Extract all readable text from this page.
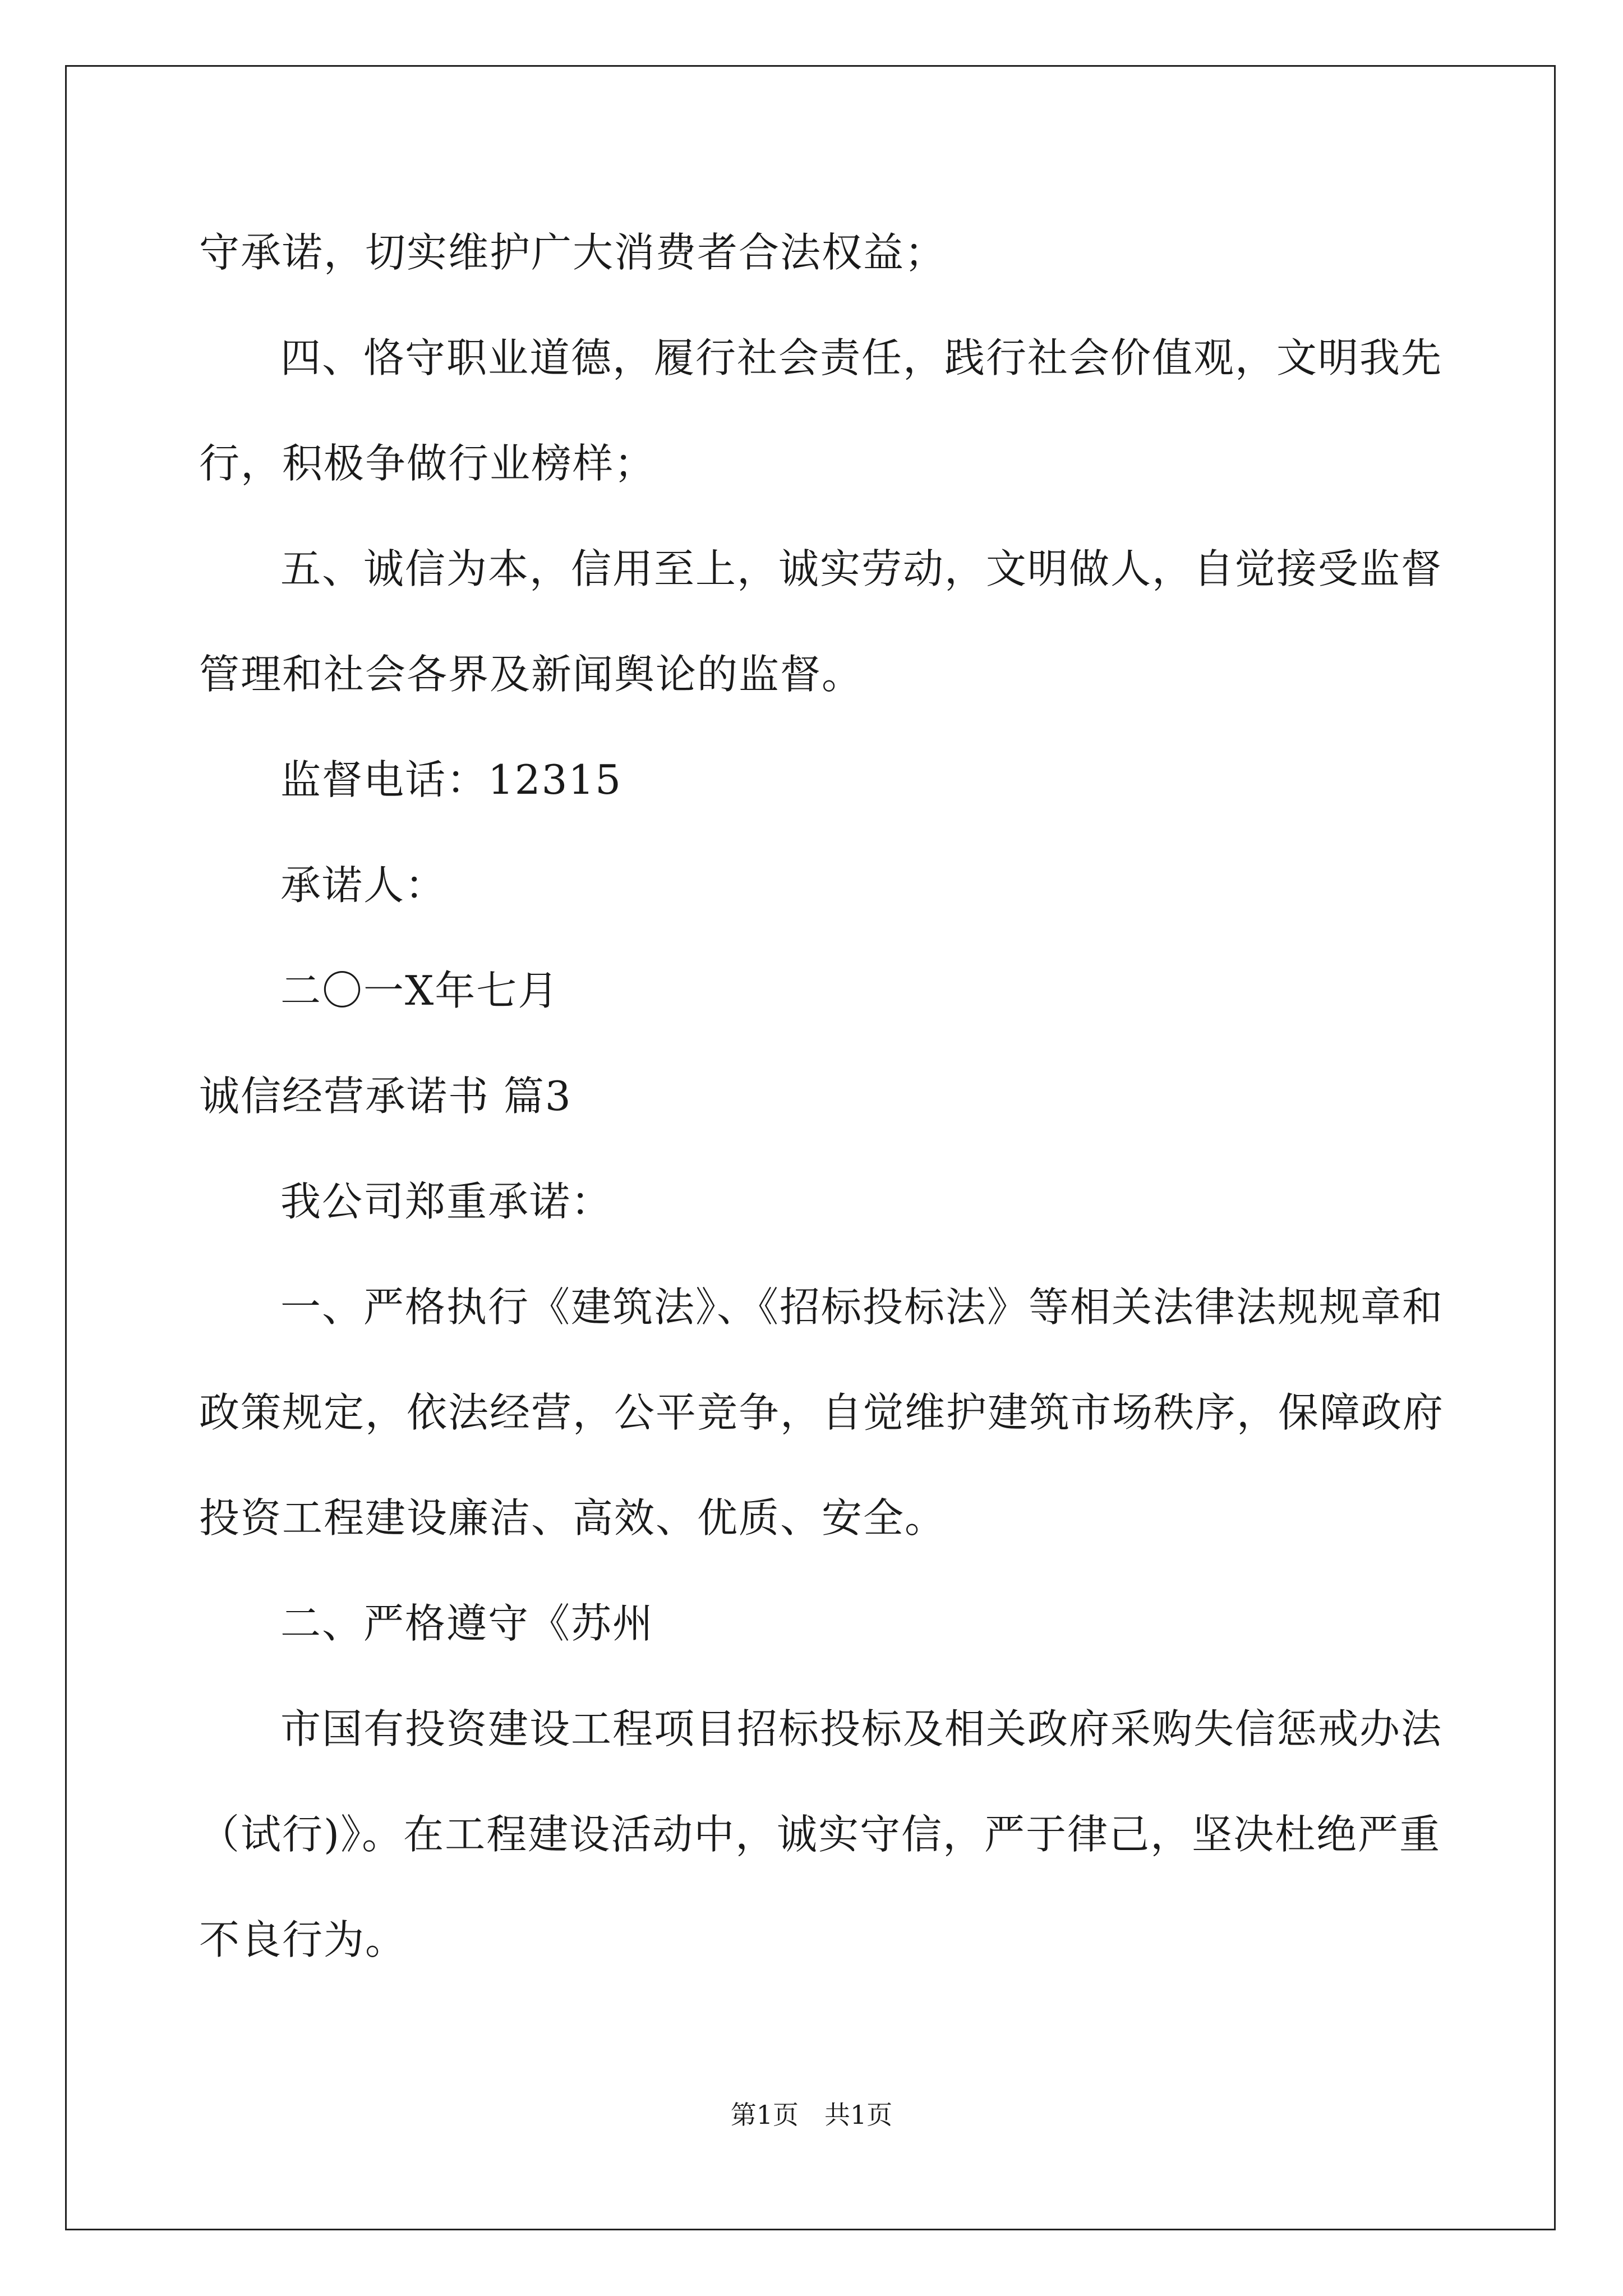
守承诺，切实维护广大消费者合法权益；
四、恪守职业道德，履行社会责任，践行社会价值观，文明我先
行，积极争做行业榜样；
五、诚信为本，信用至上，诚实劳动，文明做人，自觉接受监督
管理和社会各界及新闻舆论的监督。
监督电话：12315
承诺人：
二〇一X年七月
诚信经营承诺书 篇3
我公司郑重承诺：
一、严格执行《建筑法》、《招标投标法》等相关法律法规规章和
政策规定，依法经营，公平竞争，自觉维护建筑市场秩序，保障政府
投资工程建设廉洁、高效、优质、安全。
二、严格遵守《苏州
市国有投资建设工程项目招标投标及相关政府采购失信惩戒办法
（试行)》。在工程建设活动中，诚实守信，严于律己，坚决杜绝严重
不良行为。
第1页　共1页
